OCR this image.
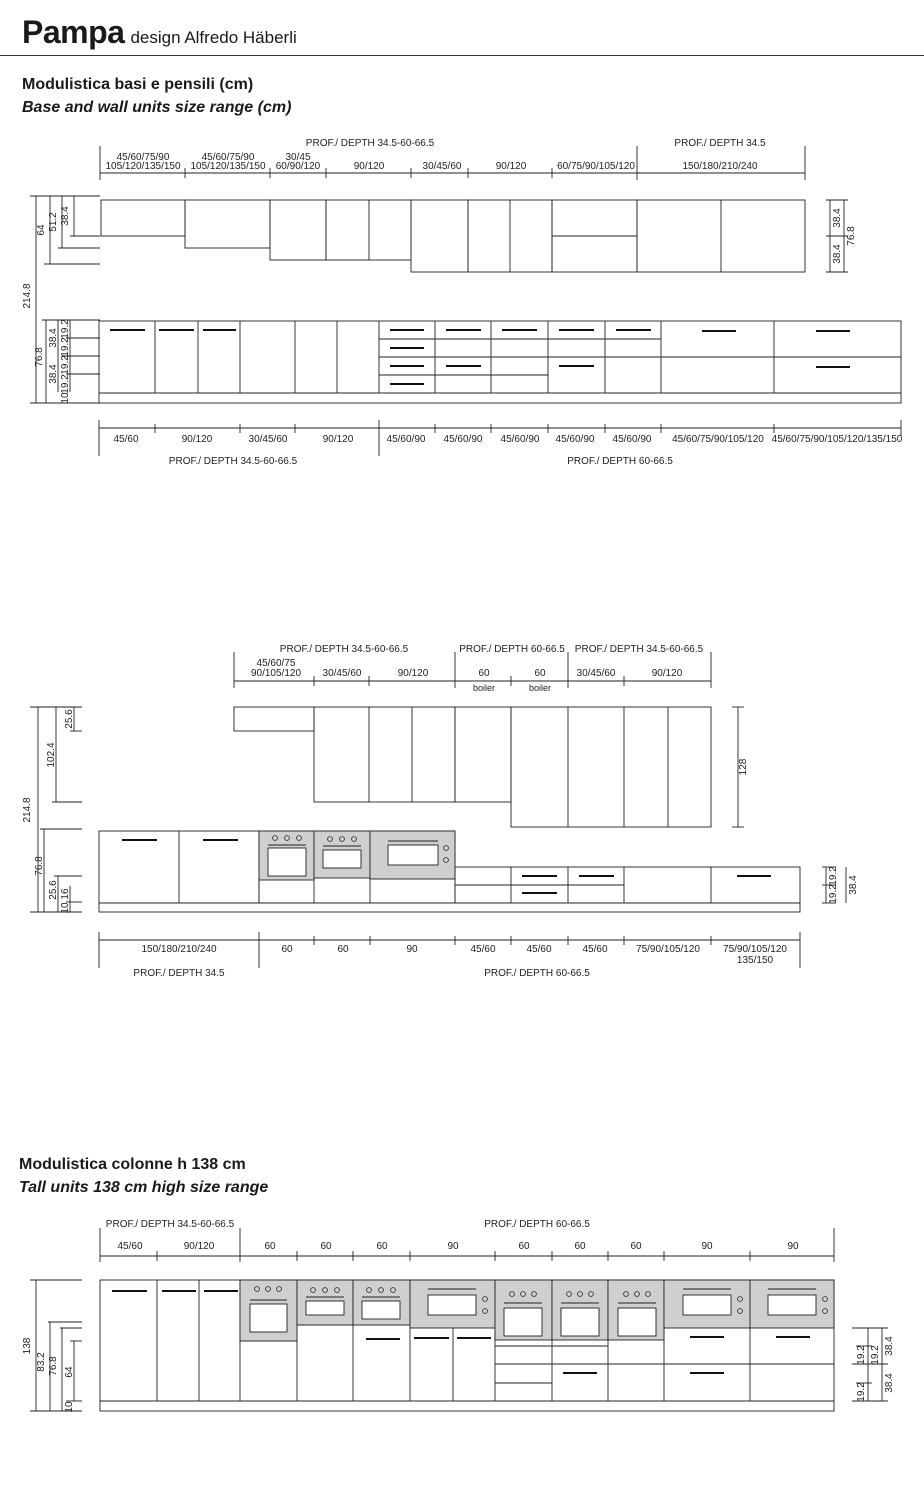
Pampa design Alfredo Häberli
Modulistica basi e pensili (cm)
Base and wall units size range (cm)
Modulistica colonne h 138 cm
Tall units 138 cm high size range
PROF./ DEPTH 34.5-60-66.5	PROF./ DEPTH 34.5
45/60/75/90
105/120/135/150
45/60/75/90
105/120/135/150
30/45
60/90/120	90/120	30/45/60	90/120	60/75/90/105/120	150/180/210/240
64 51.2 38.4
214.8
38.4 19.2
76.8
19.2
38.4 19.2
19.2
10
38.4
38.4
76.8
45/60	90/120	30/45/60	90/120	45/60/90 45/60/90 45/60/90 45/60/90 45/60/90 45/60/75/90/105/120 45/60/75/90/105/120/135/150
PROF./ DEPTH 34.5-60-66.5	PROF./ DEPTH 60-66.5
PROF./ DEPTH 34.5-60-66.5	PROF./ DEPTH 60-66.5 PROF./ DEPTH 34.5-60-66.5
45/60/75
90/105/120 30/45/60	90/120	60
boiler
60
boiler
30/45/60	90/120
25.6
102.4
214.8
76.8
25.6 16
10
128
19.2
19.2 38.4
150/180/210/240	60	60	90	45/60	45/60	45/60	75/90/105/120 75/90/105/120
135/150
PROF./ DEPTH 34.5	PROF./ DEPTH 60-66.5
PROF./ DEPTH 34.5-60-66.5	PROF./ DEPTH 60-66.5
45/60	90/120	60	60	60	90	60	60	60	90	90
138
83.2 76.8 64
10
38.4
19.2 19.2
19.2 38.4
